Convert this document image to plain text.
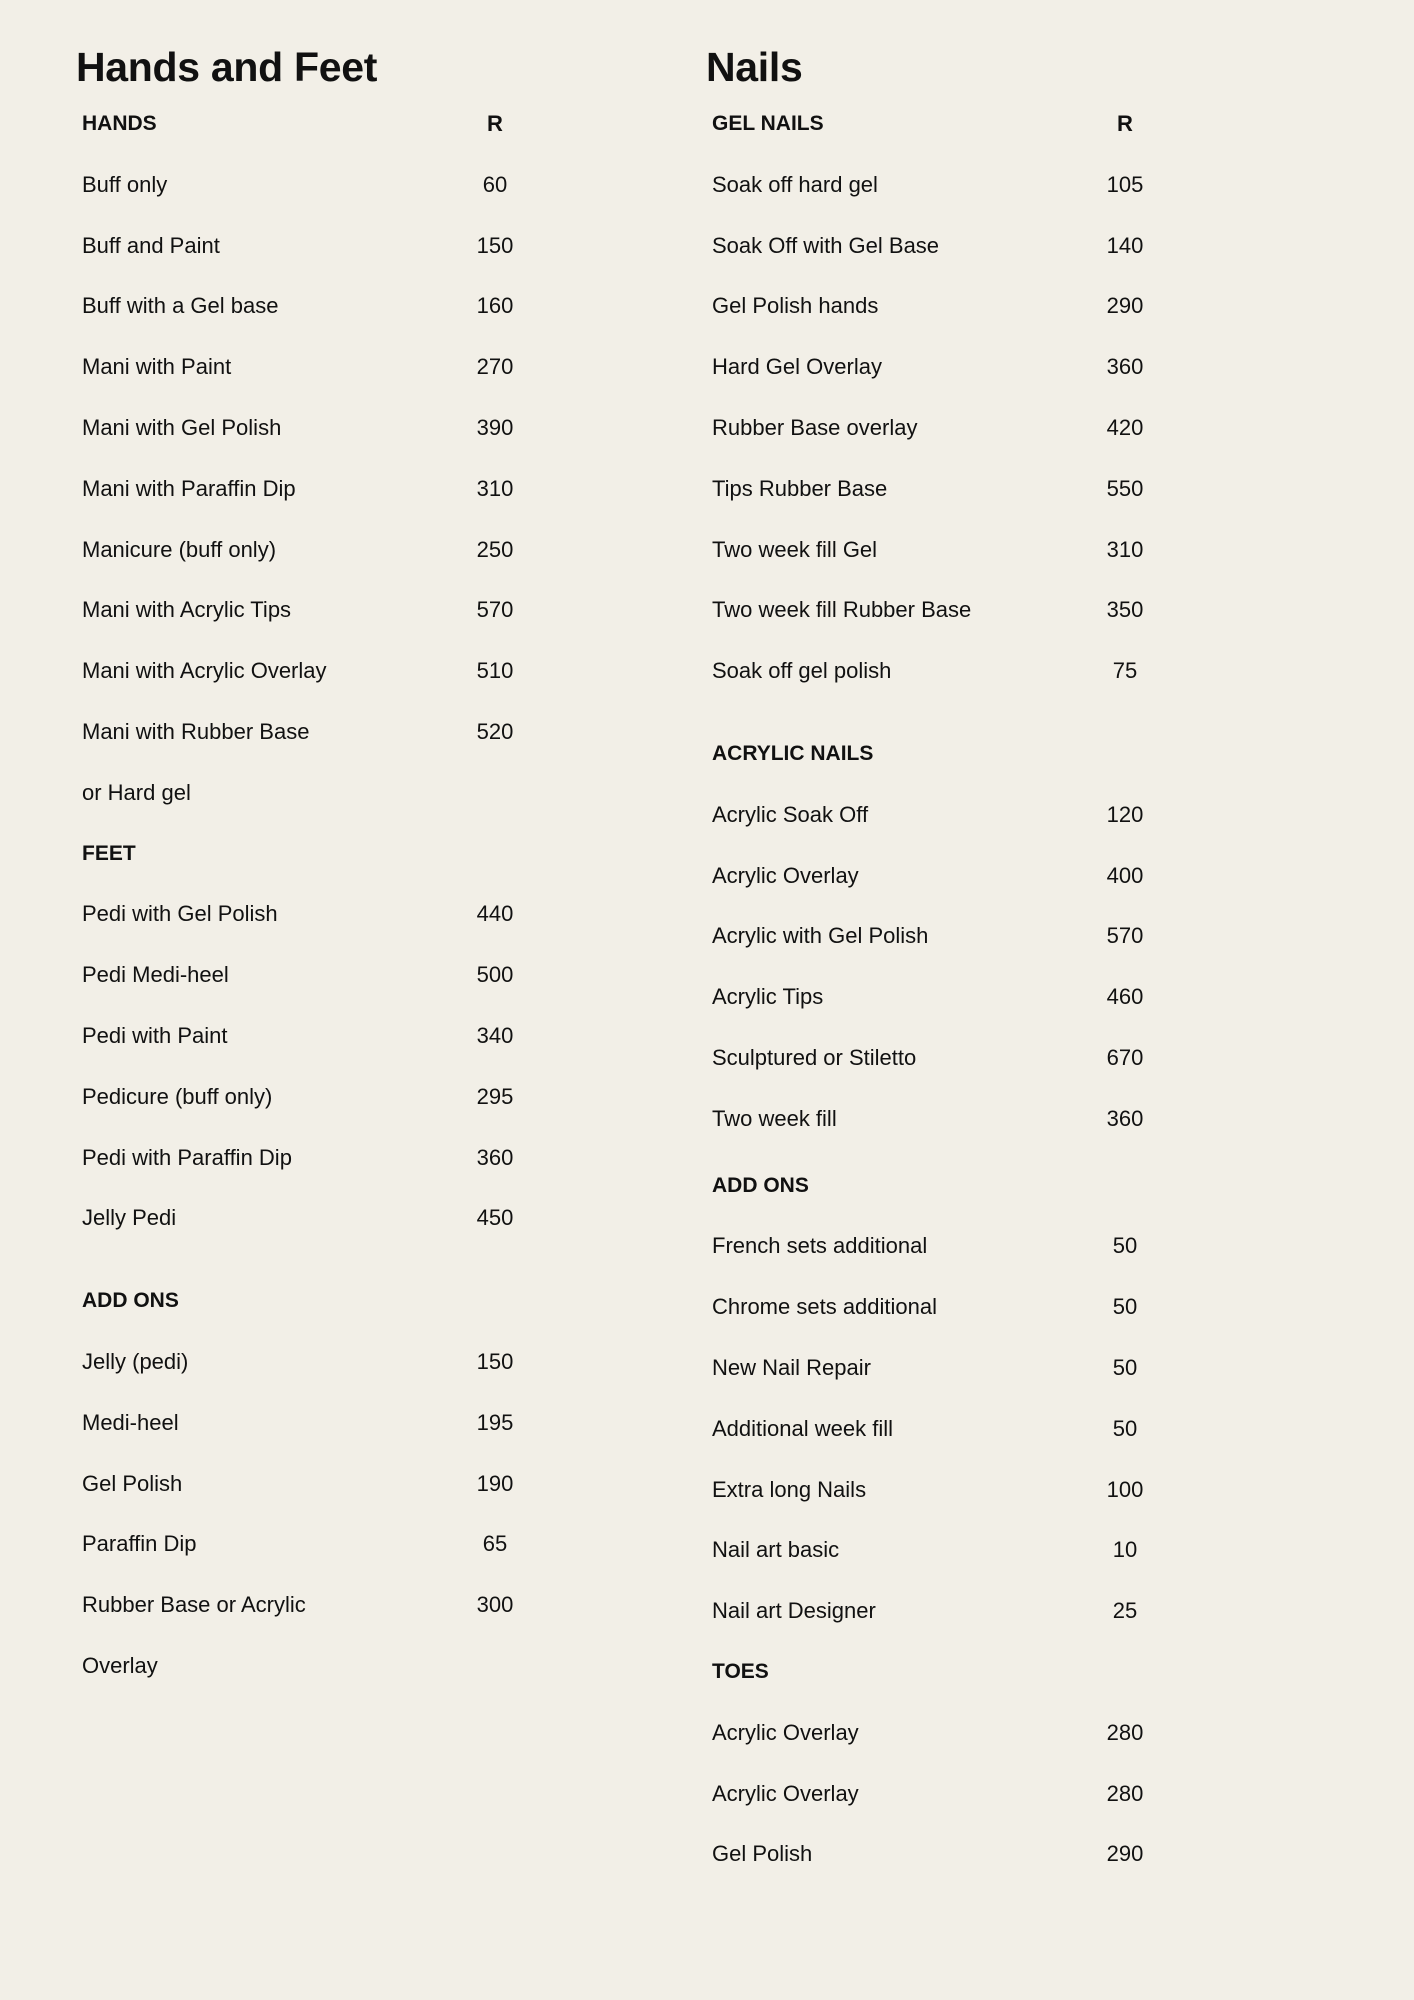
Hands and Feet
HANDS	R
Buff only	60
Buff and Paint	150
Buff with a Gel base	160
Mani with Paint	270
Mani with Gel Polish	390
Mani with Paraffin Dip	310
Manicure (buff only)	250
Mani with Acrylic Tips	570
Mani with Acrylic Overlay	510
Mani with Rubber Base	520
or Hard gel
FEET
Pedi with Gel Polish	440
Pedi Medi-heel	500
Pedi with Paint	340
Pedicure (buff only)	295
Pedi with Paraffin Dip	360
Jelly Pedi	450
ADD ONS
Jelly (pedi)	150
Medi-heel	195
Gel Polish	190
Paraffin Dip	65
Rubber Base or Acrylic	300
Overlay
Nails
GEL NAILS	R
Soak off hard gel	105
Soak Off with Gel Base	140
Gel Polish hands	290
Hard Gel Overlay	360
Rubber Base overlay	420
Tips Rubber Base	550
Two week fill Gel	310
Two week fill Rubber Base	350
Soak off gel polish	75
ACRYLIC NAILS
Acrylic Soak Off	120
Acrylic Overlay	400
Acrylic with Gel Polish	570
Acrylic Tips	460
Sculptured or Stiletto	670
Two week fill	360
ADD ONS
French sets additional	50
Chrome sets additional	50
New Nail Repair	50
Additional week fill	50
Extra long Nails	100
Nail art basic	10
Nail art Designer	25
TOES
Acrylic Overlay	280
Acrylic Overlay	280
Gel Polish	290
